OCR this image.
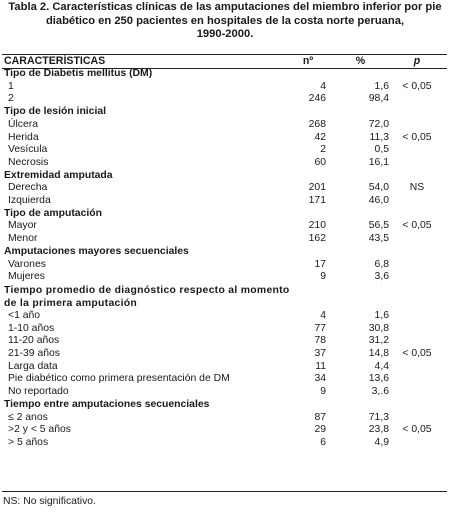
Tabla 2. Características clínicas de las amputaciones del miembro inferior por pie
diabético en 250 pacientes en hospitales de la costa norte peruana,
1990-2000.
CARACTERÍSTICAS	nº	%	p
Tipo de Diabetis mellitus (DM)			
1	4	1,6	< 0,05
2	246	98,4	
Tipo de lesión inicial			
Úlcera	268	72,0	
Herida	42	11,3	< 0,05
Vesícula	2	0,5	
Necrosis	60	16,1	
Extremidad amputada			
Derecha	201	54,0	NS
Izquierda	171	46,0	
Tipo de amputación			
Mayor	210	56,5	< 0,05
Menor	162	43,5	
Amputaciones mayores secuenciales			
Varones	17	6,8	
Mujeres	9	3,6	
Tiempo promedio de diagnóstico respecto al momento de la primera amputación			
<1 año	4	1,6	
1-10 años	77	30,8	
11-20 años	78	31,2	
21-39 años	37	14,8	< 0,05
Larga data	11	4,4	
Pie diabético como primera presentación de DM	34	13,6	
No reportado	9	3,.6	
Tiempo entre amputaciones secuenciales			
≤ 2 anos	87	71,3	
>2 y < 5 años	29	23,8	< 0,05
> 5 años	6	4,9	
NS: No significativo.
